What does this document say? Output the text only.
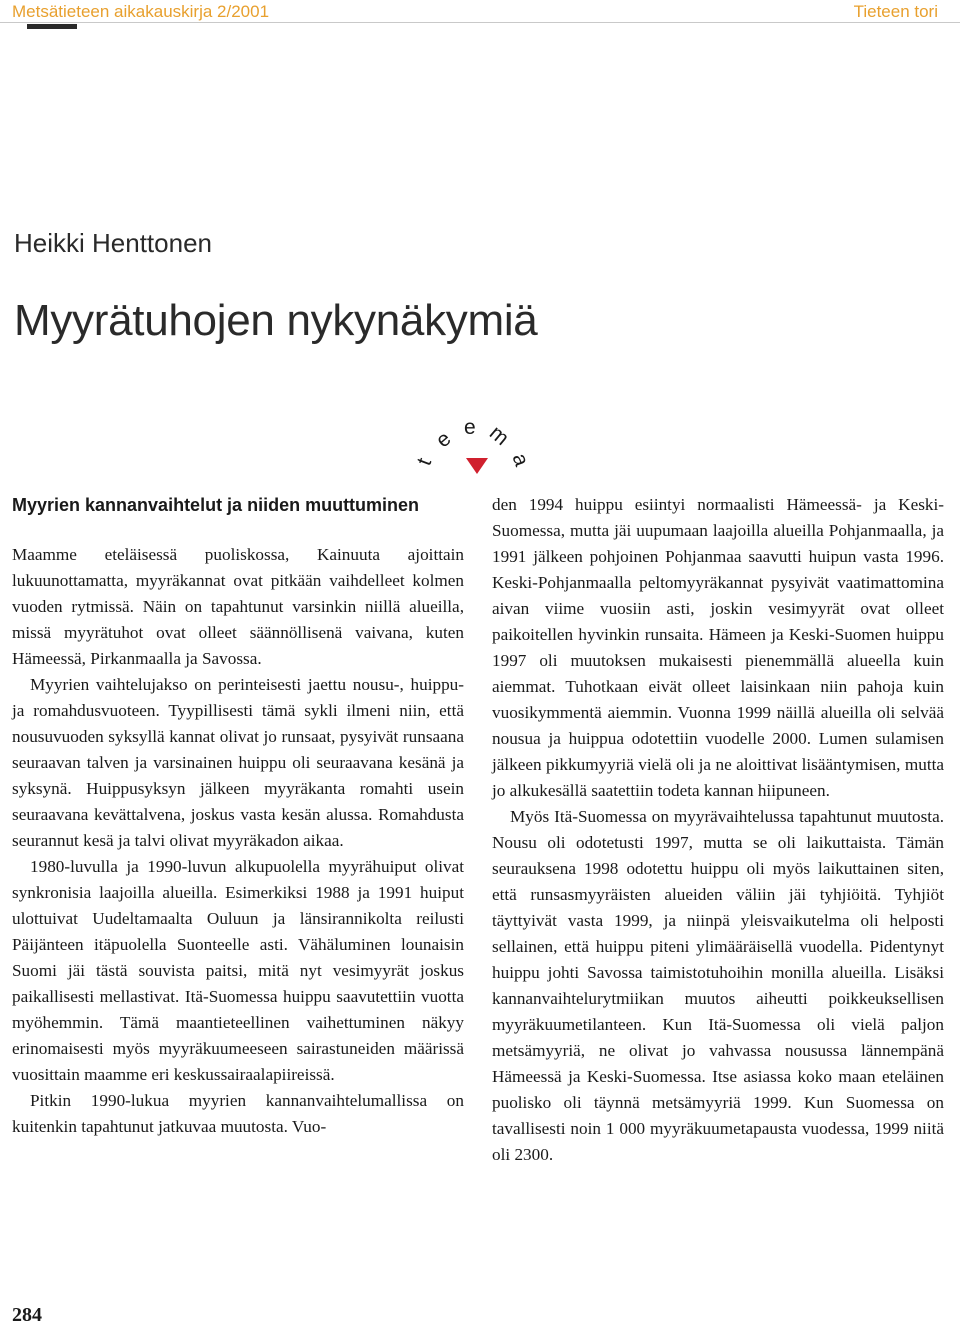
Metsätieteen aikakauskirja 2/2001	Tieteen tori
Heikki Henttonen
Myyrätuhojen nykynäkymiä
t
e e m
a
Myyrien kannanvaihtelut ja niiden muuttuminen

Maamme eteläisessä puoliskossa, Kainuuta ajoittain lukuunottamatta, myyräkannat ovat pitkään vaihdelleet kolmen vuoden rytmissä. Näin on tapahtunut varsinkin niillä alueilla, missä myyrätuhot ovat olleet säännöllisenä vaivana, kuten Hämeessä, Pirkanmaalla ja Savossa.

Myyrien vaihtelujakso on perinteisesti jaettu nousu-, huippu- ja romahdusvuoteen. Tyypillisesti tämä sykli ilmeni niin, että nousuvuoden syksyllä kannat olivat jo runsaat, pysyivät runsaana seuraavan talven ja varsinainen huippu oli seuraavana kesänä ja syksynä. Huippusyksyn jälkeen myyräkanta romahti usein seuraavana kevättalvena, joskus vasta kesän alussa. Romahdusta seurannut kesä ja talvi olivat myyräkadon aikaa.

1980-luvulla ja 1990-luvun alkupuolella myyrähuiput olivat synkronisia laajoilla alueilla. Esimerkiksi 1988 ja 1991 huiput ulottuivat Uudeltamaalta Ouluun ja länsirannikolta reilusti Päijänteen itäpuolella Suonteelle asti. Vähäluminen lounaisin Suomi jäi tästä souvista paitsi, mitä nyt vesimyyrät joskus paikallisesti mellastivat. Itä-Suomessa huippu saavutettiin vuotta myöhemmin. Tämä maantieteellinen vaihettuminen näkyy erinomaisesti myös myyräkuumeeseen sairastuneiden määrissä vuosittain maamme eri keskussairaalapiireissä.

Pitkin 1990-lukua myyrien kannanvaihtelumallissa on kuitenkin tapahtunut jatkuvaa muutosta. Vuo-

den 1994 huippu esiintyi normaalisti Hämeessä- ja Keski-Suomessa, mutta jäi uupumaan laajoilla alueilla Pohjanmaalla, ja 1991 jälkeen pohjoinen Pohjanmaa saavutti huipun vasta 1996. Keski-Pohjanmaalla peltomyyräkannat pysyivät vaatimattomina aivan viime vuosiin asti, joskin vesimyyrät ovat olleet paikoitellen hyvinkin runsaita. Hämeen ja Keski-Suomen huippu 1997 oli muutoksen mukaisesti pienemmällä alueella kuin aiemmat. Tuhotkaan eivät olleet laisinkaan niin pahoja kuin vuosikymmentä aiemmin. Vuonna 1999 näillä alueilla oli selvää nousua ja huippua odotettiin vuodelle 2000. Lumen sulamisen jälkeen pikkumyyriä vielä oli ja ne aloittivat lisääntymisen, mutta jo alkukesällä saatettiin todeta kannan hiipuneen.

Myös Itä-Suomessa on myyrävaihtelussa tapahtunut muutosta. Nousu oli odotetusti 1997, mutta se oli laikuttaista. Tämän seurauksena 1998 odotettu huippu oli myös laikuttainen siten, että runsasmyyräisten alueiden väliin jäi tyhjiöitä. Tyhjiöt täyttyivät vasta 1999, ja niinpä yleisvaikutelma oli helposti sellainen, että huippu piteni ylimääräisellä vuodella. Pidentynyt huippu johti Savossa taimistotuhoihin monilla alueilla. Lisäksi kannanvaihtelurytmiikan muutos aiheutti poikkeuksellisen myyräkuumetilanteen. Kun Itä-Suomessa oli vielä paljon metsämyyriä, ne olivat jo vahvassa nousussa lännempänä Hämeessä ja Keski-Suomessa. Itse asiassa koko maan eteläinen puolisko oli täynnä metsämyyriä 1999. Kun Suomessa on tavallisesti noin 1 000 myyräkuumetapausta vuodessa, 1999 niitä oli 2300.

284
